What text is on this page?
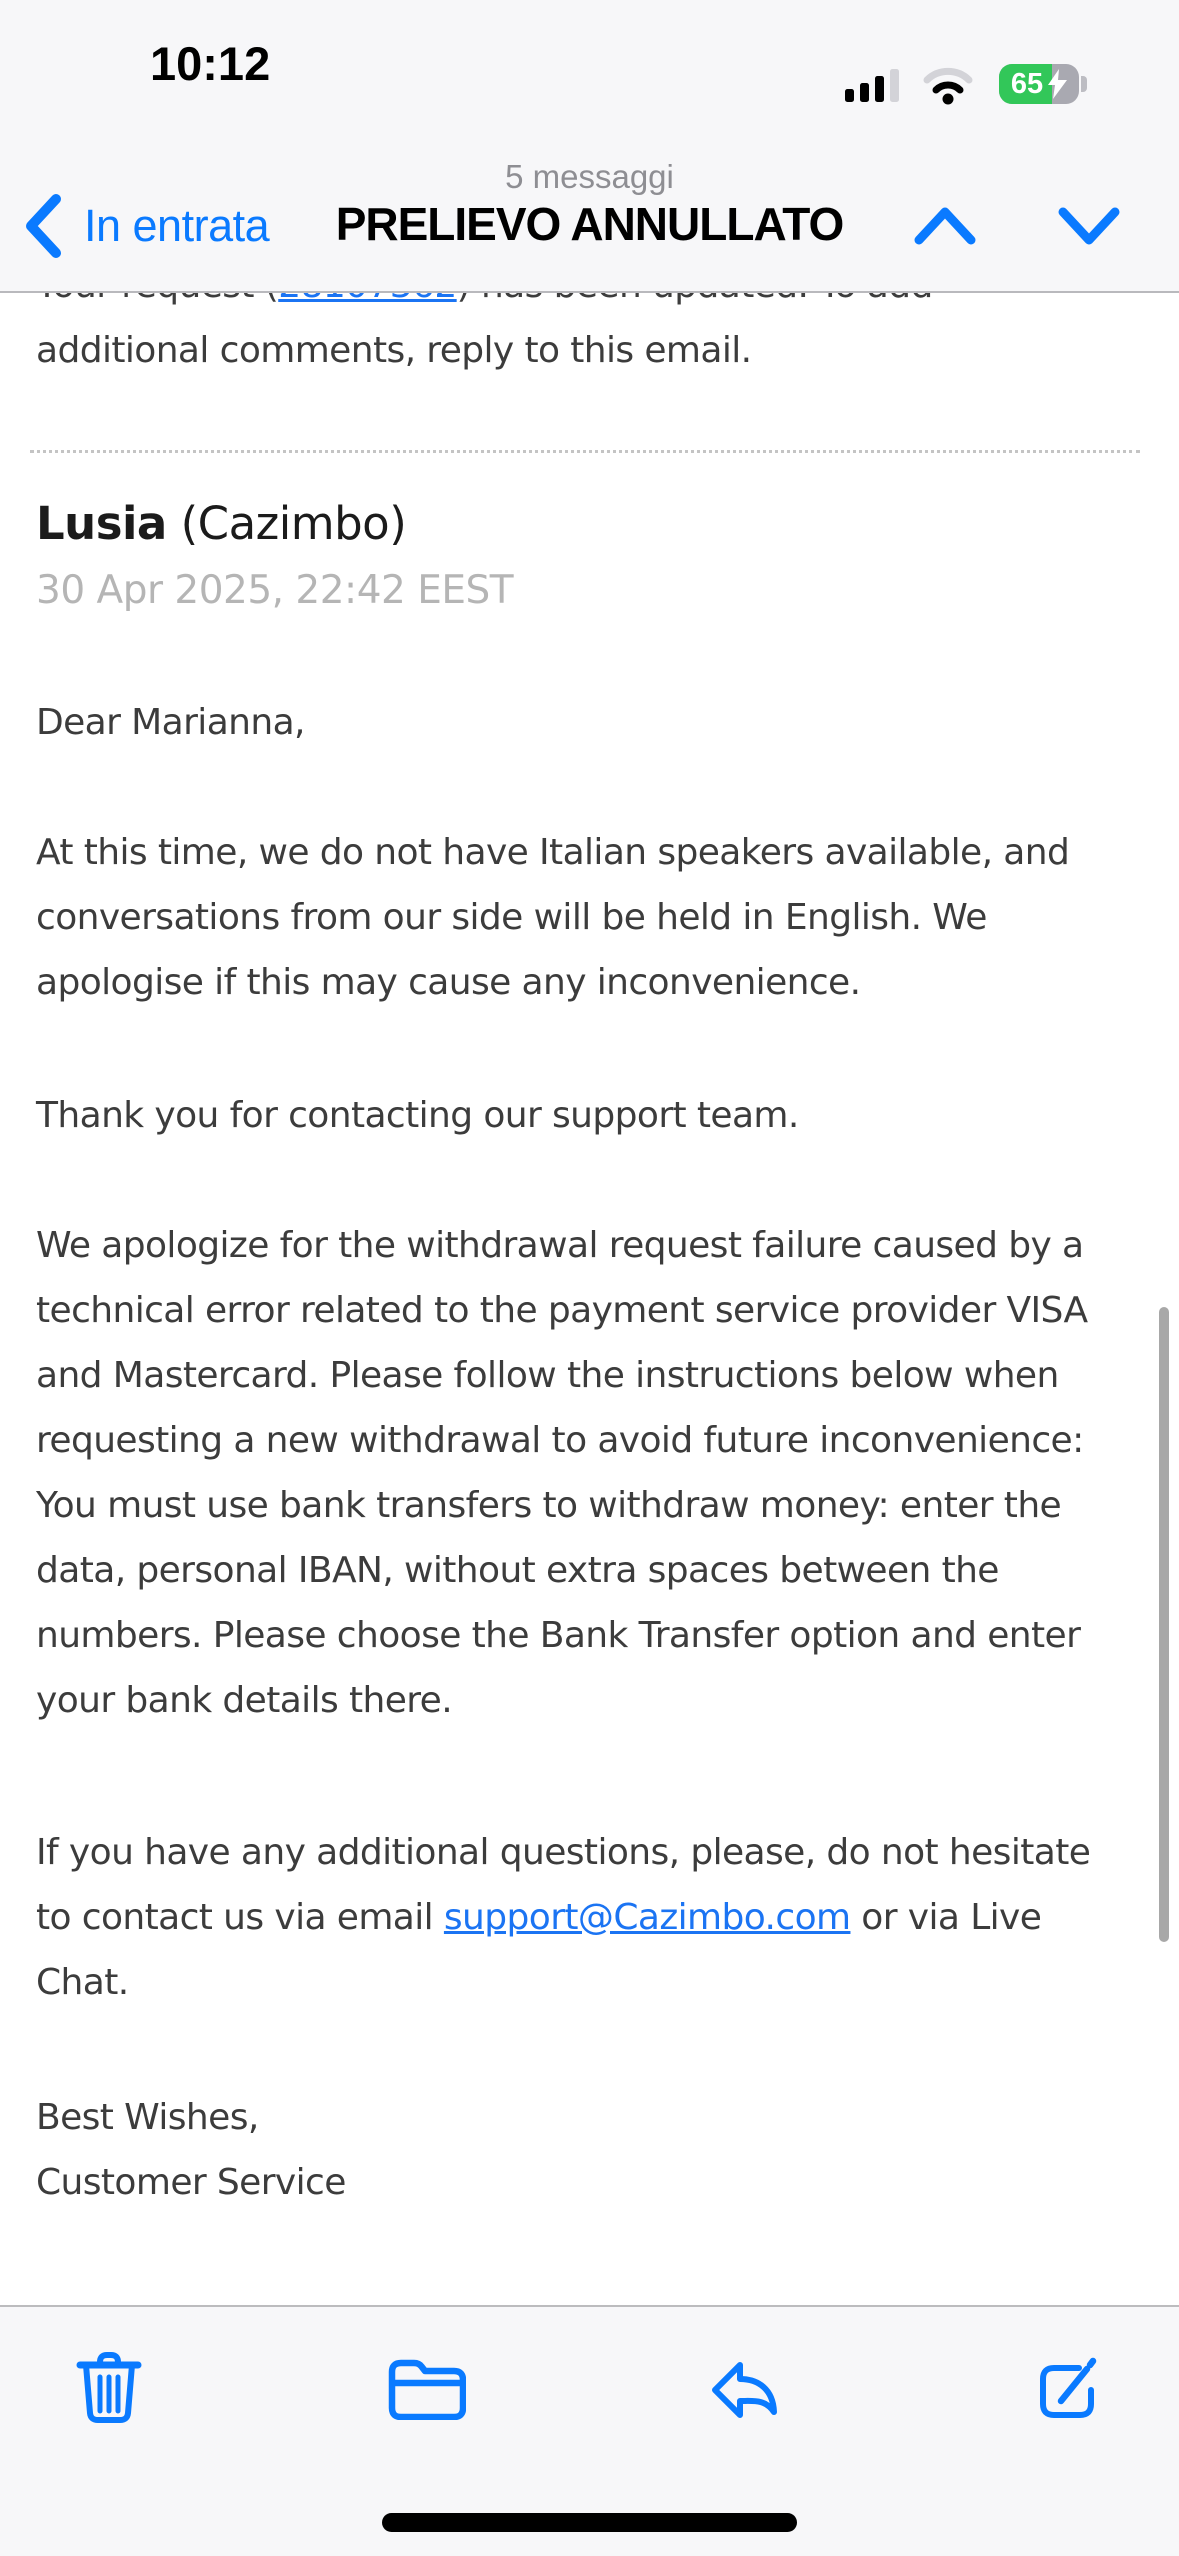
additional comments, reply to this email.
Lusia (Cazimbo)
30 Apr 2025, 22:42 EEST
Dear Marianna,
At this time, we do not have Italian speakers available, and
conversations from our side will be held in English. We
apologise if this may cause any inconvenience.
Thank you for contacting our support team.
We apologize for the withdrawal request failure caused by a
technical error related to the payment service provider VISA
and Mastercard. Please follow the instructions below when
requesting a new withdrawal to avoid future inconvenience:
You must use bank transfers to withdraw money: enter the
data, personal IBAN, without extra spaces between the
numbers. Please choose the Bank Transfer option and enter
your bank details there.
If you have any additional questions, please, do not hesitate
to contact us via email support@Cazimbo.com or via Live
Chat.
Best Wishes,
Customer Service
10:12	65
5 messaggi
PRELIEVO ANNULLATO
In entrata
